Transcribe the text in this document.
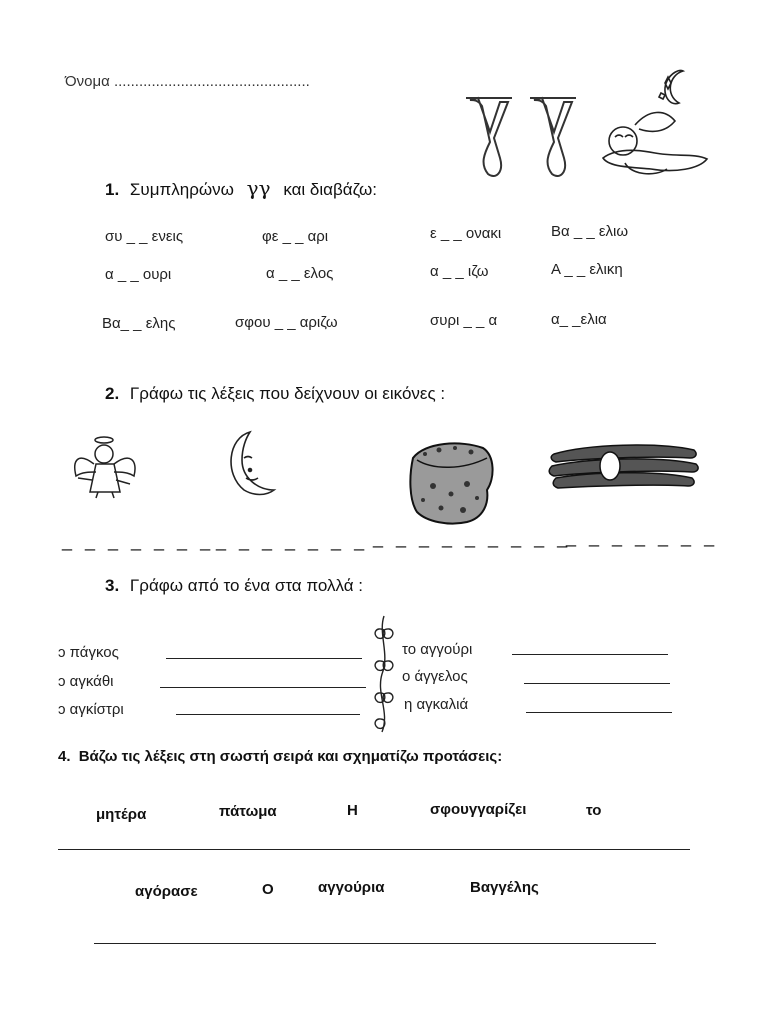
Όνομα ...............................................
1. Συμπληρώνω γγ και διαβάζω:
συ _ _ ενεις	φε _ _ αρι	ε _ _ ονακι	Βα _ _ ελιω
α _ _ ουρι	α _ _ ελος	α _ _ ιζω	Α _ _ ελικη
Βα_ _ ελης	σφου _ _ αριζω	συρι _ _ α	α_ _ελια
2. Γράφω τις λέξεις που δείχνουν οι εικόνες :
_ _ _ _ _ _ _ _ _ _ _ _ _ _ _ _ _ _ _ _ _ _ _
_ _ _ _ _ _ _
3. Γράφω από το ένα στα πολλά :
ɔ πάγκος
ɔ αγκάθι
ɔ αγκίστρι
το αγγούρι
ο άγγελος
η αγκαλιά
4. Βάζω τις λέξεις στη σωστή σειρά και σχηματίζω προτάσεις:
μητέρα	πάτωμα	Η	σφουγγαρίζει	το
αγόρασε	Ο	αγγούρια	Βαγγέλης
